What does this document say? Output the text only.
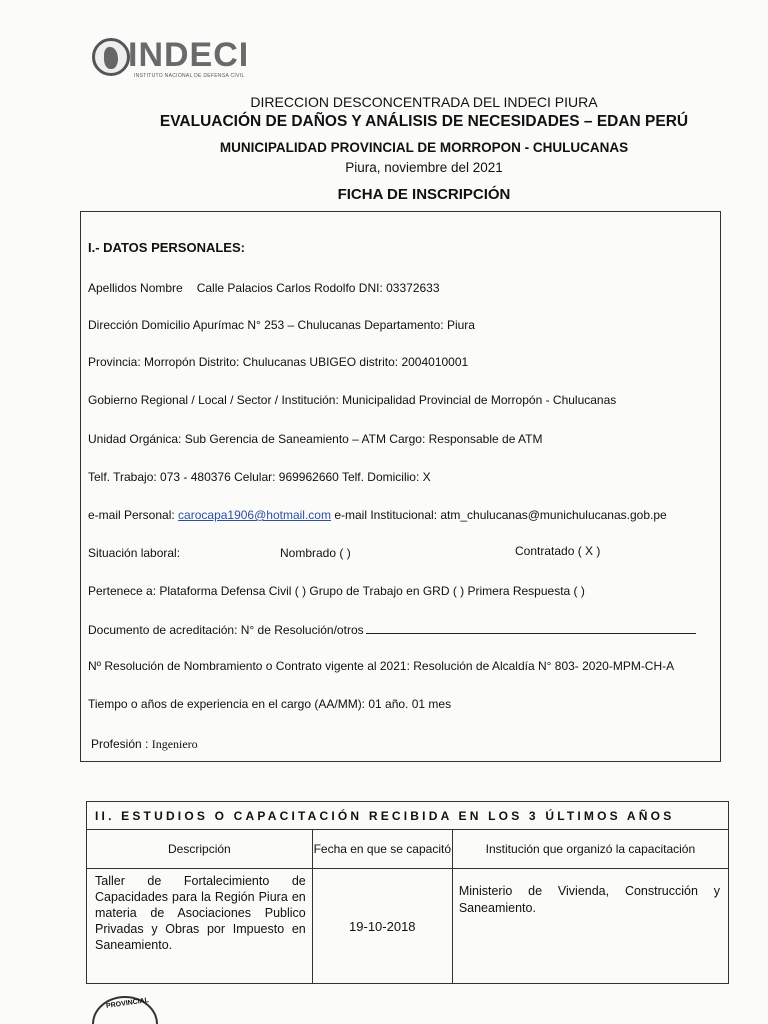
INDECI
INSTITUTO NACIONAL DE DEFENSA CIVIL
DIRECCION DESCONCENTRADA DEL INDECI PIURA
EVALUACIÓN DE DAÑOS Y ANÁLISIS DE NECESIDADES – EDAN PERÚ
MUNICIPALIDAD PROVINCIAL DE MORROPON - CHULUCANAS
Piura, noviembre del 2021
FICHA DE INSCRIPCIÓN
I.- DATOS PERSONALES:
Apellidos Nombre Calle Palacios Carlos Rodolfo DNI: 03372633
Dirección Domicilio Apurímac N° 253 – Chulucanas Departamento: Piura
Provincia: Morropón Distrito: Chulucanas UBIGEO distrito: 2004010001
Gobierno Regional / Local / Sector / Institución: Municipalidad Provincial de Morropón - Chulucanas
Unidad Orgánica: Sub Gerencia de Saneamiento – ATM Cargo: Responsable de ATM
Telf. Trabajo: 073 - 480376 Celular: 969962660 Telf. Domicilio: X
e-mail Personal: carocapa1906@hotmail.com e-mail Institucional: atm_chulucanas@munichulucanas.gob.pe
Situación laboral:	Nombrado ( )	Contratado ( X )
Pertenece a: Plataforma Defensa Civil ( ) Grupo de Trabajo en GRD ( ) Primera Respuesta ( )
Documento de acreditación: N° de Resolución/otros
Nº Resolución de Nombramiento o Contrato vigente al 2021: Resolución de Alcaldía N° 803- 2020-MPM-CH-A
Tiempo o años de experiencia en el cargo (AA/MM): 01 año. 01 mes
Profesión : Ingeniero
II. ESTUDIOS O CAPACITACIÓN RECIBIDA EN LOS 3 ÚLTIMOS AÑOS		
Descripción	Fecha en que se capacitó	Institución que organizó la capacitación
Taller de Fortalecimiento de Capacidades para la Región Piura en materia de Asociaciones Publico Privadas y Obras por Impuesto en Saneamiento.	19-10-2018	Ministerio de Vivienda, Construcción y Saneamiento.
PROVINCIAL
